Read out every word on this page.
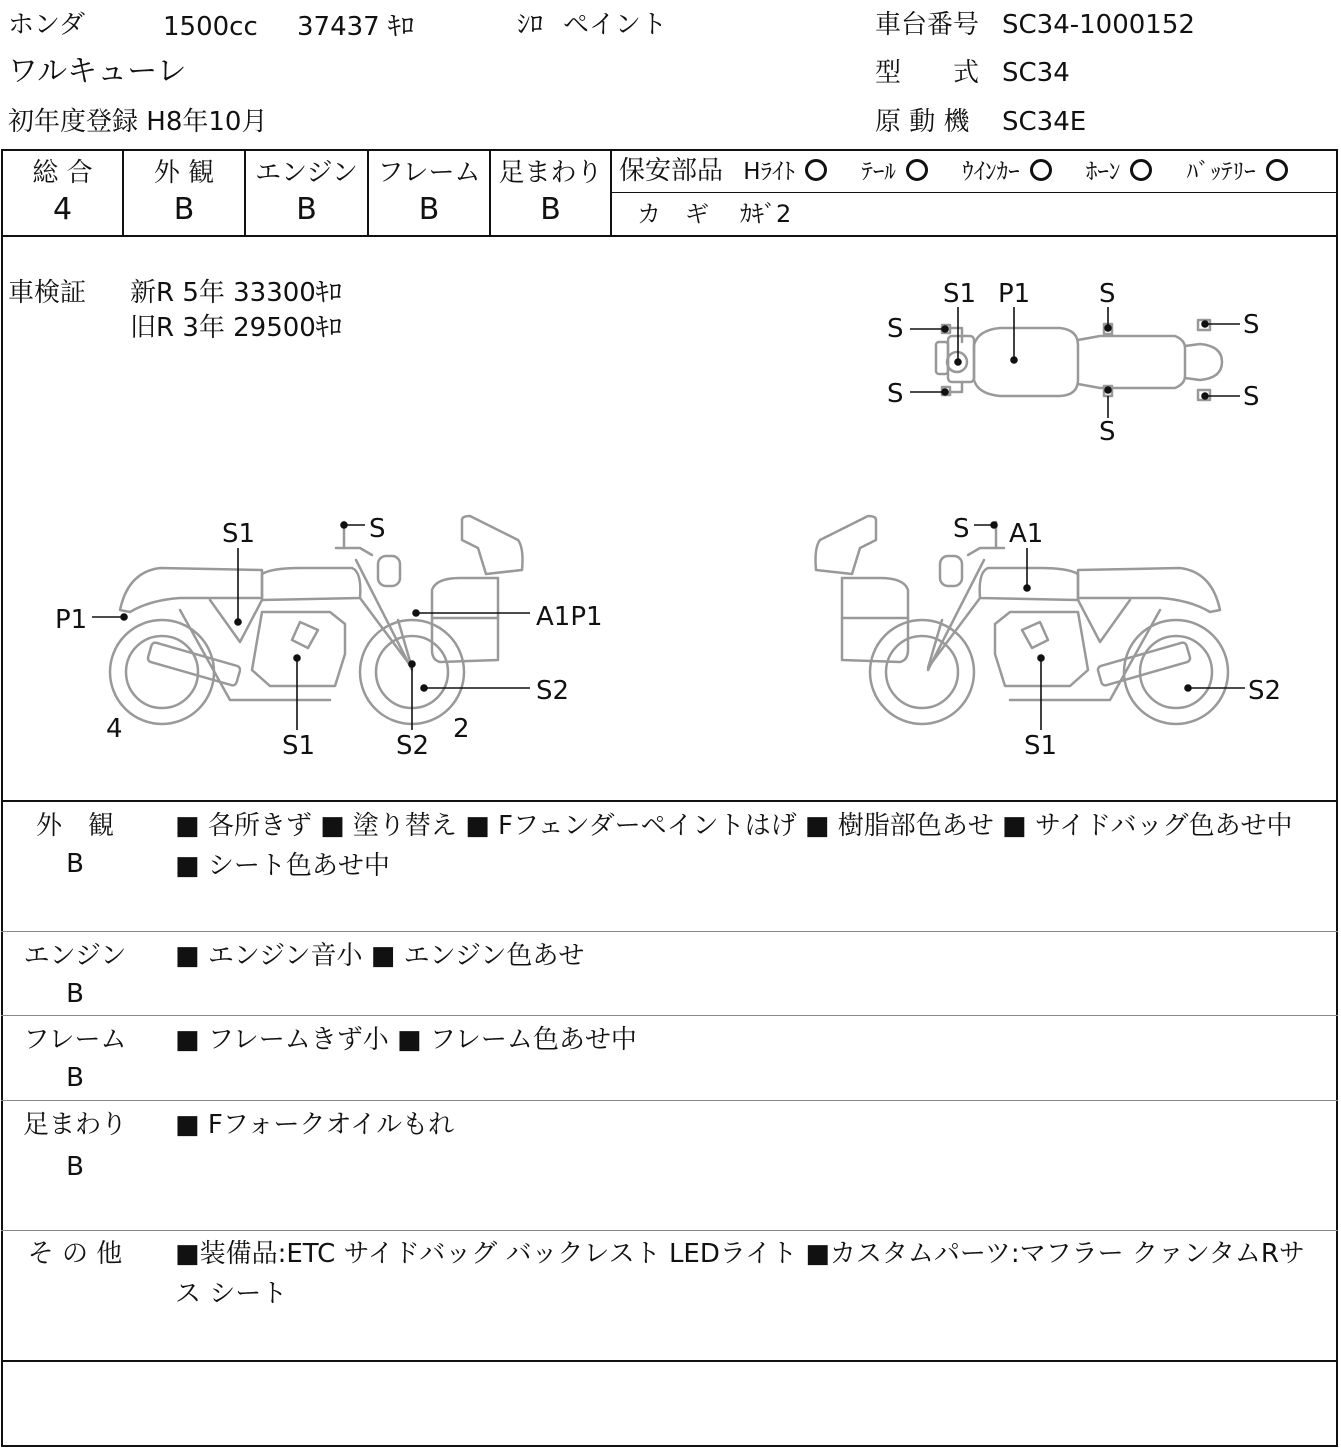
ホンダ	1500cc 37437 ｷﾛ	ｼﾛ ペイント
ワルキューレ
初年度登録 H8年10月
車台番号 SC34-1000152
型　　式 SC34
原 動 機 SC34E
総 合
4
外 観
B
エンジン
B
フレーム
B
足まわり
B
保安部品 Hﾗｲﾄ	ﾃｰﾙ	ｳｲﾝｶｰ	ﾎｰﾝ	ﾊﾞｯﾃﾘｰ
カ　ギ ｶｷﾞ2
車検証 新R 5年 33300ｷﾛ
旧R 3年 29500ｷﾛ
S1 P1	S
S
S
S
S
S
S1	S
P1	A1P1
S2
4
S1	S2
2
S A1
S2
S1
外　観
B
■ 各所きず ■ 塗り替え ■ Fフェンダーペイントはげ ■ 樹脂部色あせ ■ サイドバッグ色あせ中 ■ シート色あせ中
エンジン
B
■ エンジン音小 ■ エンジン色あせ
フレーム
B
■ フレームきず小 ■ フレーム色あせ中
足まわり
B
■ Fフォークオイルもれ
そ の 他	■装備品:ETC サイドバッグ バックレスト LEDライト ■カスタムパーツ:マフラー クァンタムRサス シート
